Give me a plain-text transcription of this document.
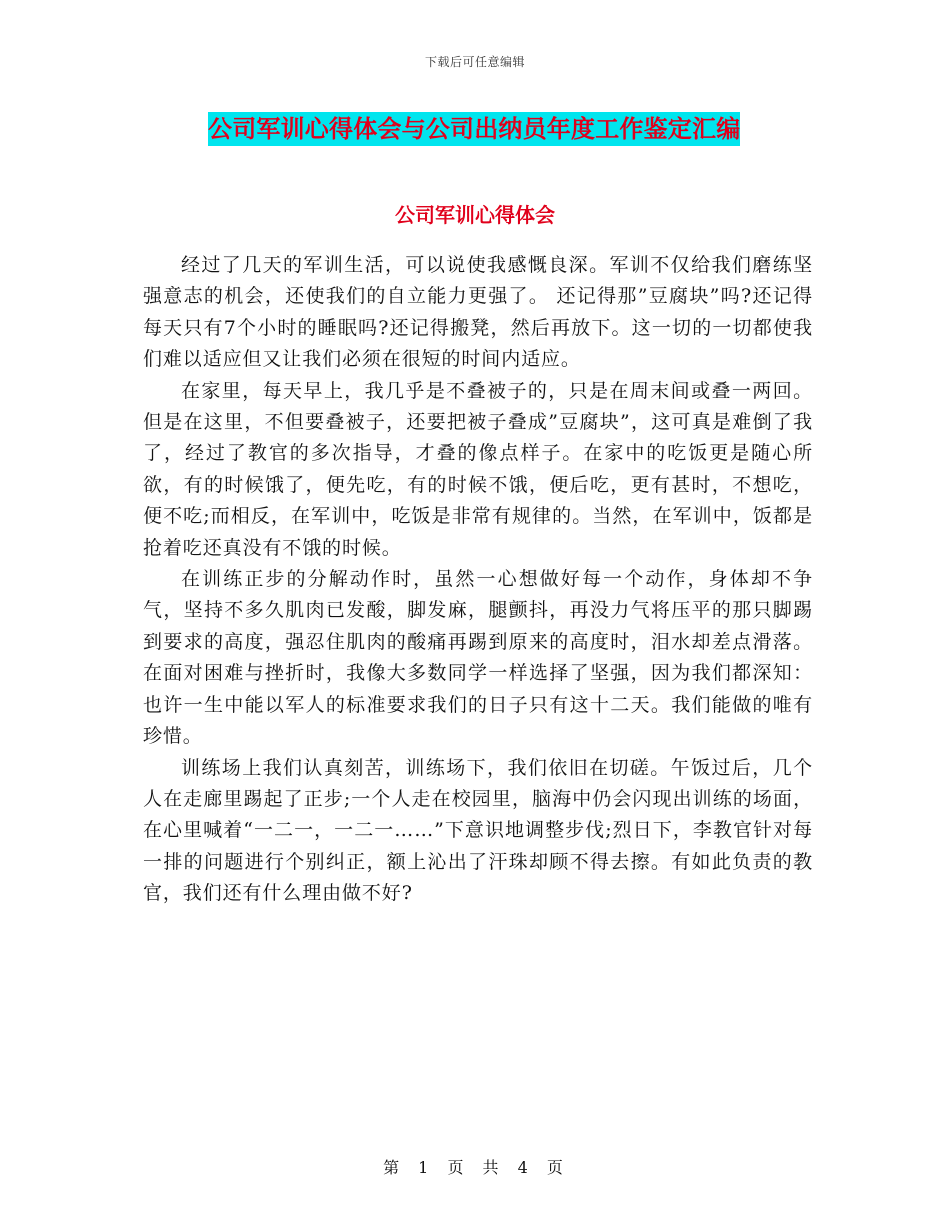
下载后可任意编辑
公司军训心得体会与公司出纳员年度工作鉴定汇编
公司军训心得体会

经过了几天的军训生活，可以说使我感慨良深。军训不仅给我们磨练坚强意志的机会，还使我们的自立能力更强了。 还记得那”豆腐块”吗?还记得每天只有7个小时的睡眠吗?还记得搬凳，然后再放下。这一切的一切都使我们难以适应但又让我们必须在很短的时间内适应。

在家里，每天早上，我几乎是不叠被子的，只是在周末间或叠一两回。但是在这里，不但要叠被子，还要把被子叠成”豆腐块”，这可真是难倒了我了，经过了教官的多次指导，才叠的像点样子。在家中的吃饭更是随心所欲，有的时候饿了，便先吃，有的时候不饿，便后吃，更有甚时，不想吃，便不吃;而相反，在军训中，吃饭是非常有规律的。当然，在军训中，饭都是抢着吃还真没有不饿的时候。

在训练正步的分解动作时，虽然一心想做好每一个动作，身体却不争气，坚持不多久肌肉已发酸，脚发麻，腿颤抖，再没力气将压平的那只脚踢到要求的高度，强忍住肌肉的酸痛再踢到原来的高度时，泪水却差点滑落。在面对困难与挫折时，我像大多数同学一样选择了坚强，因为我们都深知：也许一生中能以军人的标准要求我们的日子只有这十二天。我们能做的唯有珍惜。

训练场上我们认真刻苦，训练场下，我们依旧在切磋。午饭过后，几个人在走廊里踢起了正步;一个人走在校园里，脑海中仍会闪现出训练的场面，在心里喊着“一二一，一二一……”下意识地调整步伐;烈日下，李教官针对每一排的问题进行个别纠正，额上沁出了汗珠却顾不得去擦。有如此负责的教官，我们还有什么理由做不好?

第 1 页 共 4 页
